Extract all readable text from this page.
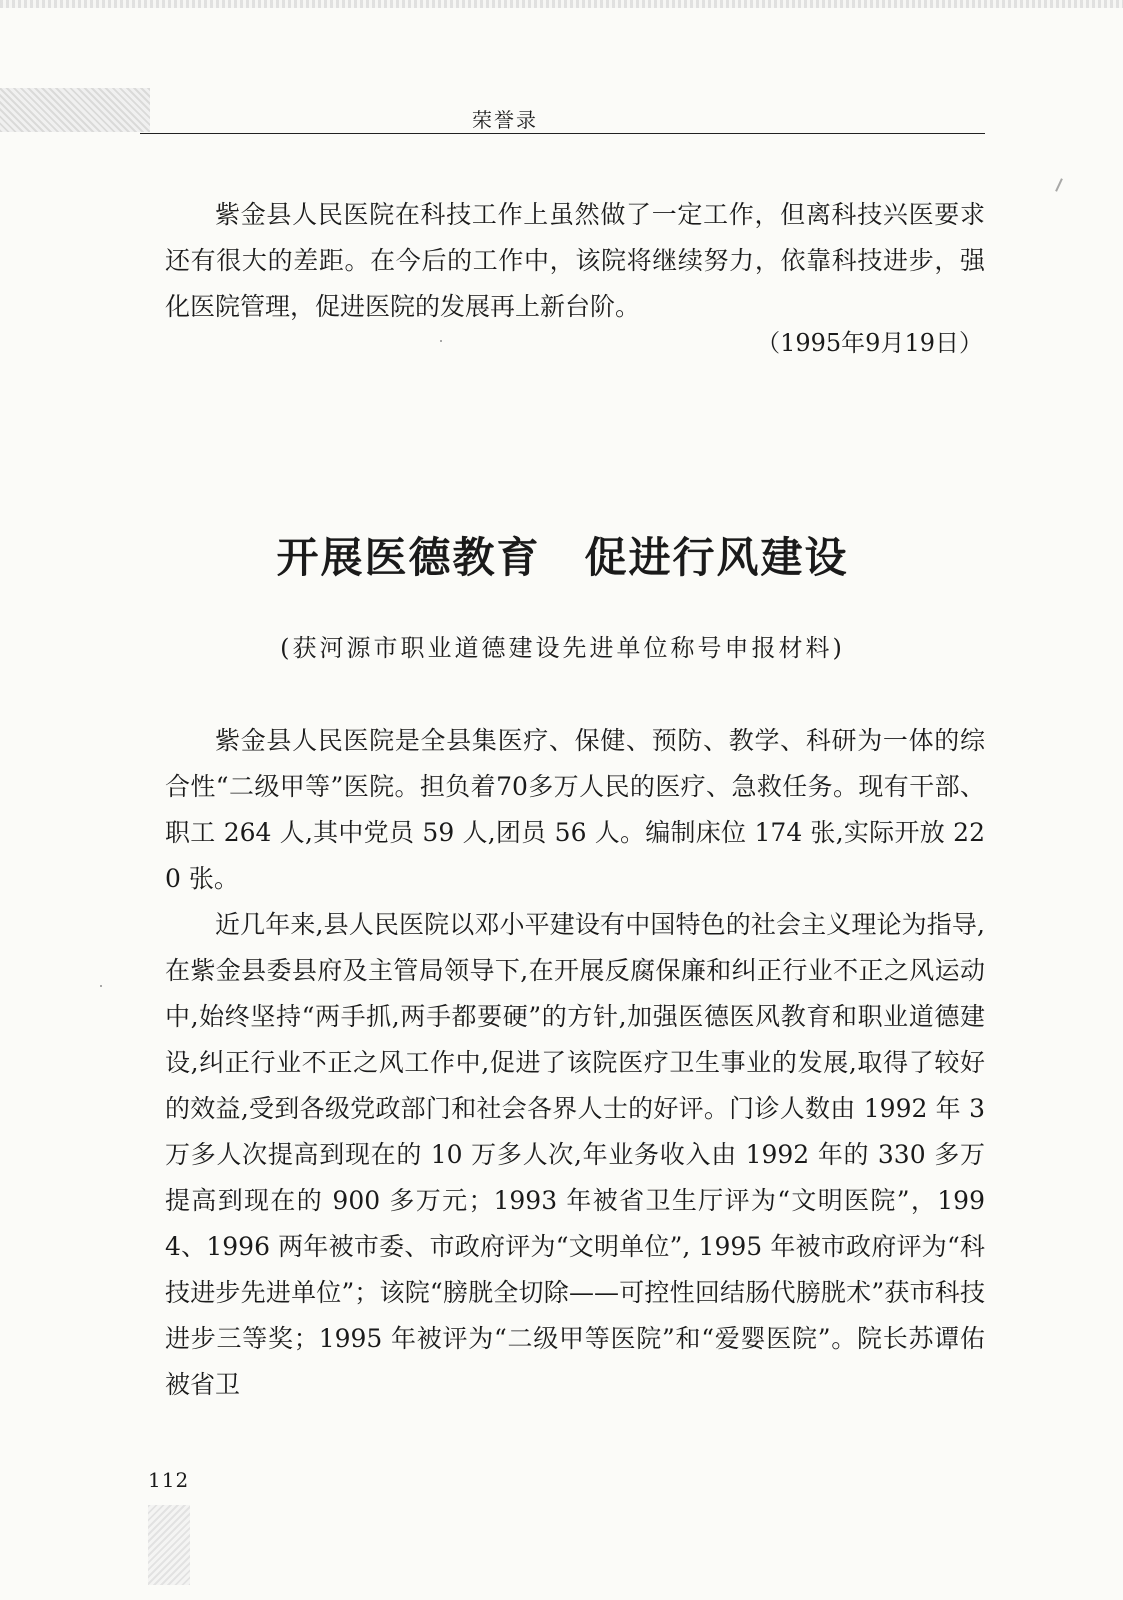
荣誉录

紫金县人民医院在科技工作上虽然做了一定工作，但离科技兴医要求还有很大的差距。在今后的工作中，该院将继续努力，依靠科技进步，强化医院管理，促进医院的发展再上新台阶。

（1995年9月19日）
开展医德教育　促进行风建设
(获河源市职业道德建设先进单位称号申报材料)

紫金县人民医院是全县集医疗、保健、预防、教学、科研为一体的综合性“二级甲等”医院。担负着70多万人民的医疗、急救任务。现有干部、职工 264 人,其中党员 59 人,团员 56 人。编制床位 174 张,实际开放 220 张。

近几年来,县人民医院以邓小平建设有中国特色的社会主义理论为指导,在紫金县委县府及主管局领导下,在开展反腐保廉和纠正行业不正之风运动中,始终坚持“两手抓,两手都要硬”的方针,加强医德医风教育和职业道德建设,纠正行业不正之风工作中,促进了该院医疗卫生事业的发展,取得了较好的效益,受到各级党政部门和社会各界人士的好评。门诊人数由 1992 年 3 万多人次提高到现在的 10 万多人次,年业务收入由 1992 年的 330 多万提高到现在的 900 多万元；1993 年被省卫生厅评为“文明医院”，1994、1996 两年被市委、市政府评为“文明单位”, 1995 年被市政府评为“科技进步先进单位”；该院“膀胱全切除——可控性回结肠代膀胱术”获市科技进步三等奖；1995 年被评为“二级甲等医院”和“爱婴医院”。院长苏谭佑被省卫

112
